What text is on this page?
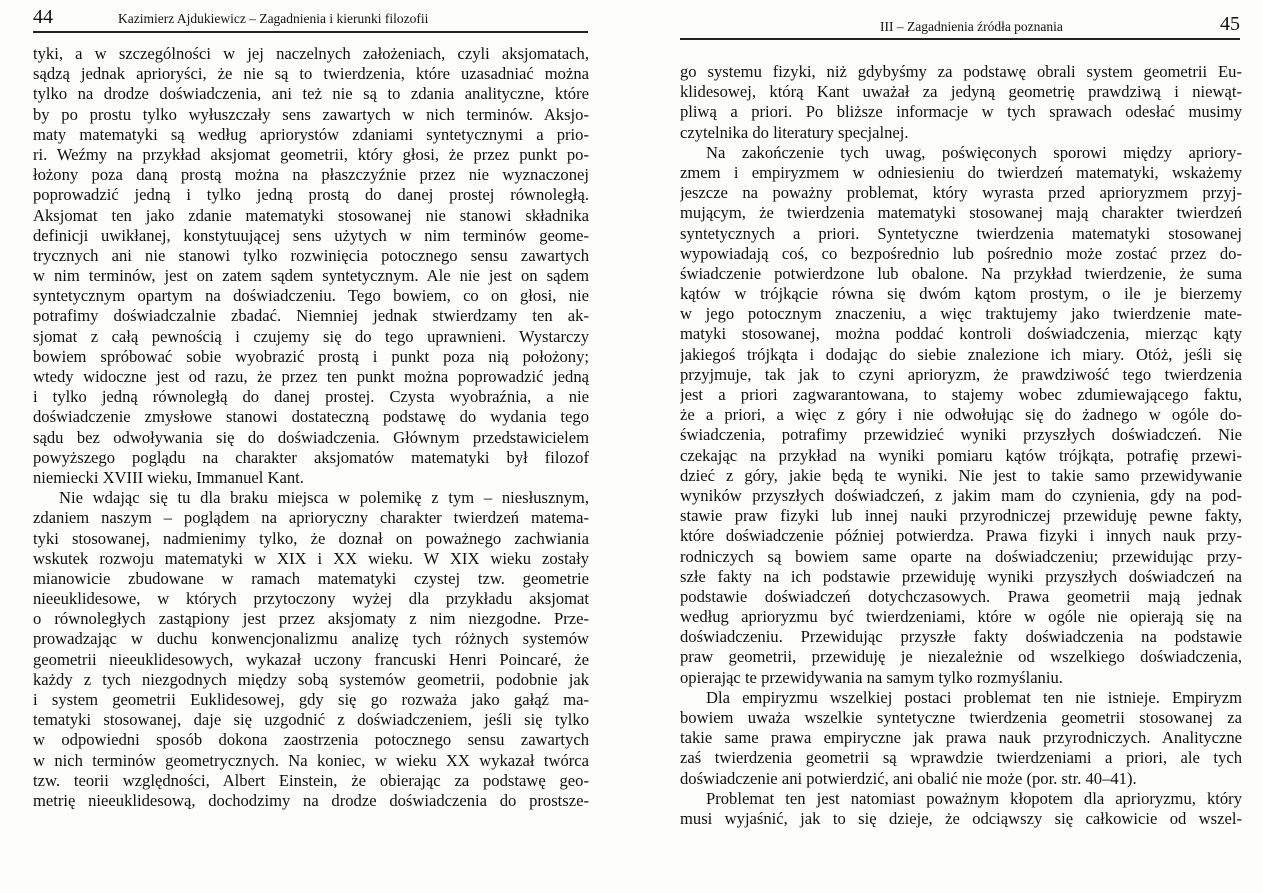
44	Kazimierz Ajdukiewicz – Zagadnienia i kierunki filozofii
tyki, a w szczególności w jej naczelnych założeniach, czyli aksjomatach,
sądzą jednak aprioryści, że nie są to twierdzenia, które uzasadniać można
tylko na drodze doświadczenia, ani też nie są to zdania analityczne, które
by po prostu tylko wyłuszczały sens zawartych w nich terminów. Aksjo-
maty matematyki są według apriorystów zdaniami syntetycznymi a prio-
ri. Weźmy na przykład aksjomat geometrii, który głosi, że przez punkt po-
łożony poza daną prostą można na płaszczyźnie przez nie wyznaczonej
poprowadzić jedną i tylko jedną prostą do danej prostej równoległą.
Aksjomat ten jako zdanie matematyki stosowanej nie stanowi składnika
definicji uwikłanej, konstytuującej sens użytych w nim terminów geome-
trycznych ani nie stanowi tylko rozwinięcia potocznego sensu zawartych
w nim terminów, jest on zatem sądem syntetycznym. Ale nie jest on sądem
syntetycznym opartym na doświadczeniu. Tego bowiem, co on głosi, nie
potrafimy doświadczalnie zbadać. Niemniej jednak stwierdzamy ten ak-
sjomat z całą pewnością i czujemy się do tego uprawnieni. Wystarczy
bowiem spróbować sobie wyobrazić prostą i punkt poza nią położony;
wtedy widoczne jest od razu, że przez ten punkt można poprowadzić jedną
i tylko jedną równoległą do danej prostej. Czysta wyobraźnia, a nie
doświadczenie zmysłowe stanowi dostateczną podstawę do wydania tego
sądu bez odwoływania się do doświadczenia. Głównym przedstawicielem
powyższego poglądu na charakter aksjomatów matematyki był filozof
niemiecki XVIII wieku, Immanuel Kant.
Nie wdając się tu dla braku miejsca w polemikę z tym – niesłusznym,
zdaniem naszym – poglądem na aprioryczny charakter twierdzeń matema-
tyki stosowanej, nadmienimy tylko, że doznał on poważnego zachwiania
wskutek rozwoju matematyki w XIX i XX wieku. W XIX wieku zostały
mianowicie zbudowane w ramach matematyki czystej tzw. geometrie
nieeuklidesowe, w których przytoczony wyżej dla przykładu aksjomat
o równoległych zastąpiony jest przez aksjomaty z nim niezgodne. Prze-
prowadzając w duchu konwencjonalizmu analizę tych różnych systemów
geometrii nieeuklidesowych, wykazał uczony francuski Henri Poincaré, że
każdy z tych niezgodnych między sobą systemów geometrii, podobnie jak
i system geometrii Euklidesowej, gdy się go rozważa jako gałąź ma-
tematyki stosowanej, daje się uzgodnić z doświadczeniem, jeśli się tylko
w odpowiedni sposób dokona zaostrzenia potocznego sensu zawartych
w nich terminów geometrycznych. Na koniec, w wieku XX wykazał twórca
tzw. teorii względności, Albert Einstein, że obierając za podstawę geo-
metrię nieeuklidesową, dochodzimy na drodze doświadczenia do prostsze-
III – Zagadnienia źródła poznania	45
go systemu fizyki, niż gdybyśmy za podstawę obrali system geometrii Eu-
klidesowej, którą Kant uważał za jedyną geometrię prawdziwą i niewąt-
pliwą a priori. Po bliższe informacje w tych sprawach odesłać musimy
czytelnika do literatury specjalnej.
Na zakończenie tych uwag, poświęconych sporowi między apriory-
zmem i empiryzmem w odniesieniu do twierdzeń matematyki, wskażemy
jeszcze na poważny problemat, który wyrasta przed aprioryzmem przyj-
mującym, że twierdzenia matematyki stosowanej mają charakter twierdzeń
syntetycznych a priori. Syntetyczne twierdzenia matematyki stosowanej
wypowiadają coś, co bezpośrednio lub pośrednio może zostać przez do-
świadczenie potwierdzone lub obalone. Na przykład twierdzenie, że suma
kątów w trójkącie równa się dwóm kątom prostym, o ile je bierzemy
w jego potocznym znaczeniu, a więc traktujemy jako twierdzenie mate-
matyki stosowanej, można poddać kontroli doświadczenia, mierząc kąty
jakiegoś trójkąta i dodając do siebie znalezione ich miary. Otóż, jeśli się
przyjmuje, tak jak to czyni aprioryzm, że prawdziwość tego twierdzenia
jest a priori zagwarantowana, to stajemy wobec zdumiewającego faktu,
że a priori, a więc z góry i nie odwołując się do żadnego w ogóle do-
świadczenia, potrafimy przewidzieć wyniki przyszłych doświadczeń. Nie
czekając na przykład na wyniki pomiaru kątów trójkąta, potrafię przewi-
dzieć z góry, jakie będą te wyniki. Nie jest to takie samo przewidywanie
wyników przyszłych doświadczeń, z jakim mam do czynienia, gdy na pod-
stawie praw fizyki lub innej nauki przyrodniczej przewiduję pewne fakty,
które doświadczenie później potwierdza. Prawa fizyki i innych nauk przy-
rodniczych są bowiem same oparte na doświadczeniu; przewidując przy-
szłe fakty na ich podstawie przewiduję wyniki przyszłych doświadczeń na
podstawie doświadczeń dotychczasowych. Prawa geometrii mają jednak
według aprioryzmu być twierdzeniami, które w ogóle nie opierają się na
doświadczeniu. Przewidując przyszłe fakty doświadczenia na podstawie
praw geometrii, przewiduję je niezależnie od wszelkiego doświadczenia,
opierając te przewidywania na samym tylko rozmyślaniu.
Dla empiryzmu wszelkiej postaci problemat ten nie istnieje. Empiryzm
bowiem uważa wszelkie syntetyczne twierdzenia geometrii stosowanej za
takie same prawa empiryczne jak prawa nauk przyrodniczych. Analityczne
zaś twierdzenia geometrii są wprawdzie twierdzeniami a priori, ale tych
doświadczenie ani potwierdzić, ani obalić nie może (por. str. 40–41).
Problemat ten jest natomiast poważnym kłopotem dla aprioryzmu, który
musi wyjaśnić, jak to się dzieje, że odciąwszy się całkowicie od wszel-
